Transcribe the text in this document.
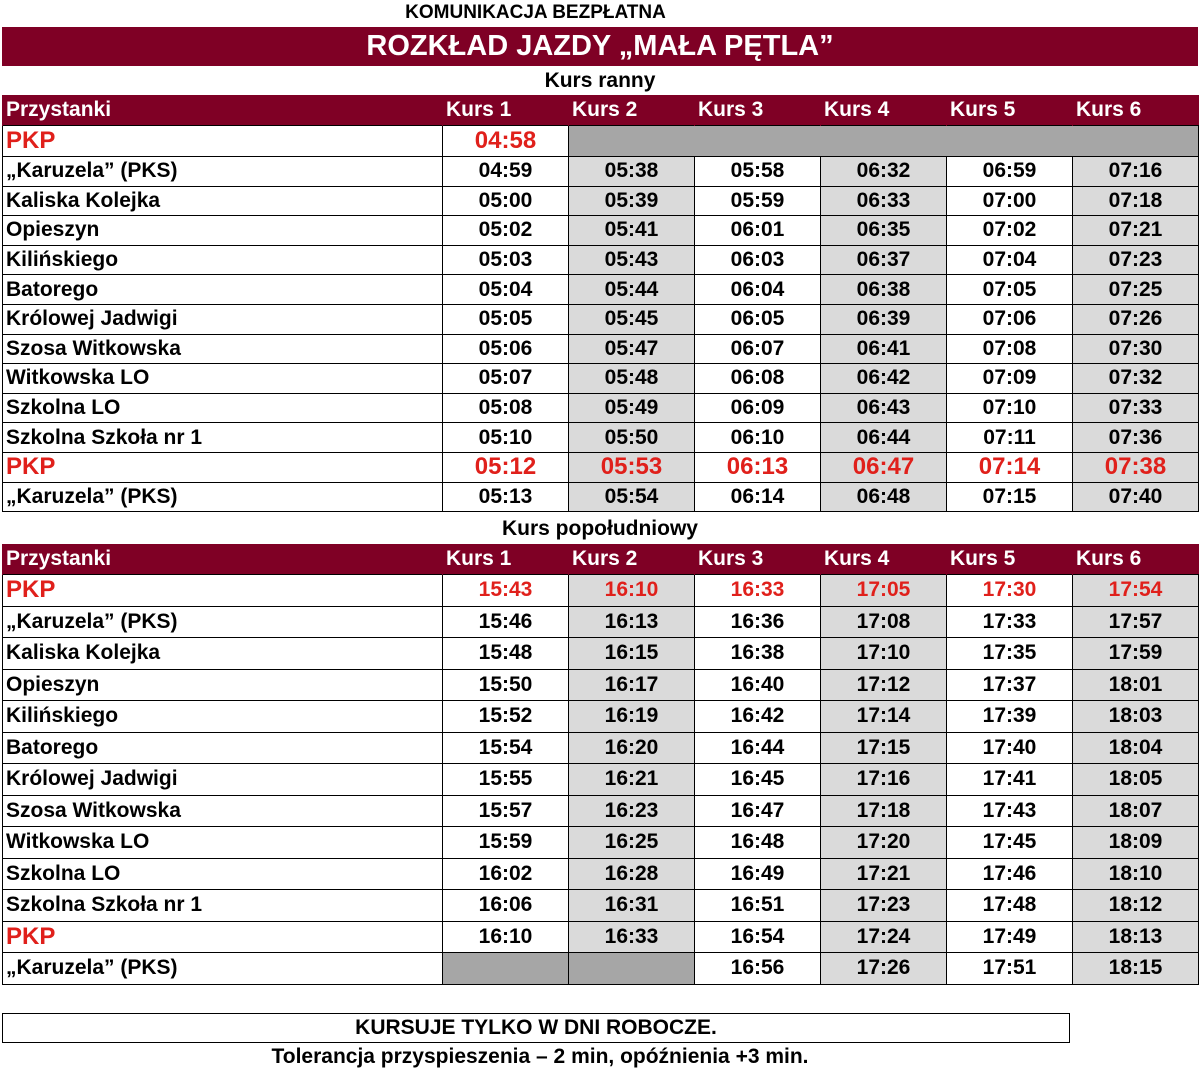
KOMUNIKACJA BEZPŁATNA
ROZKŁAD JAZDY „MAŁA PĘTLA”
Kurs ranny
Przystanki	Kurs 1	Kurs 2	Kurs 3	Kurs 4	Kurs 5	Kurs 6
PKP	04:58					
„Karuzela” (PKS)	04:59	05:38	05:58	06:32	06:59	07:16
Kaliska Kolejka	05:00	05:39	05:59	06:33	07:00	07:18
Opieszyn	05:02	05:41	06:01	06:35	07:02	07:21
Kilińskiego	05:03	05:43	06:03	06:37	07:04	07:23
Batorego	05:04	05:44	06:04	06:38	07:05	07:25
Królowej Jadwigi	05:05	05:45	06:05	06:39	07:06	07:26
Szosa Witkowska	05:06	05:47	06:07	06:41	07:08	07:30
Witkowska LO	05:07	05:48	06:08	06:42	07:09	07:32
Szkolna LO	05:08	05:49	06:09	06:43	07:10	07:33
Szkolna Szkoła nr 1	05:10	05:50	06:10	06:44	07:11	07:36
PKP	05:12	05:53	06:13	06:47	07:14	07:38
„Karuzela” (PKS)	05:13	05:54	06:14	06:48	07:15	07:40
Kurs popołudniowy
Przystanki	Kurs 1	Kurs 2	Kurs 3	Kurs 4	Kurs 5	Kurs 6
PKP	15:43	16:10	16:33	17:05	17:30	17:54
„Karuzela” (PKS)	15:46	16:13	16:36	17:08	17:33	17:57
Kaliska Kolejka	15:48	16:15	16:38	17:10	17:35	17:59
Opieszyn	15:50	16:17	16:40	17:12	17:37	18:01
Kilińskiego	15:52	16:19	16:42	17:14	17:39	18:03
Batorego	15:54	16:20	16:44	17:15	17:40	18:04
Królowej Jadwigi	15:55	16:21	16:45	17:16	17:41	18:05
Szosa Witkowska	15:57	16:23	16:47	17:18	17:43	18:07
Witkowska LO	15:59	16:25	16:48	17:20	17:45	18:09
Szkolna LO	16:02	16:28	16:49	17:21	17:46	18:10
Szkolna Szkoła nr 1	16:06	16:31	16:51	17:23	17:48	18:12
PKP	16:10	16:33	16:54	17:24	17:49	18:13
„Karuzela” (PKS)			16:56	17:26	17:51	18:15
KURSUJE TYLKO W DNI ROBOCZE.
Tolerancja przyspieszenia – 2 min, opóźnienia +3 min.
